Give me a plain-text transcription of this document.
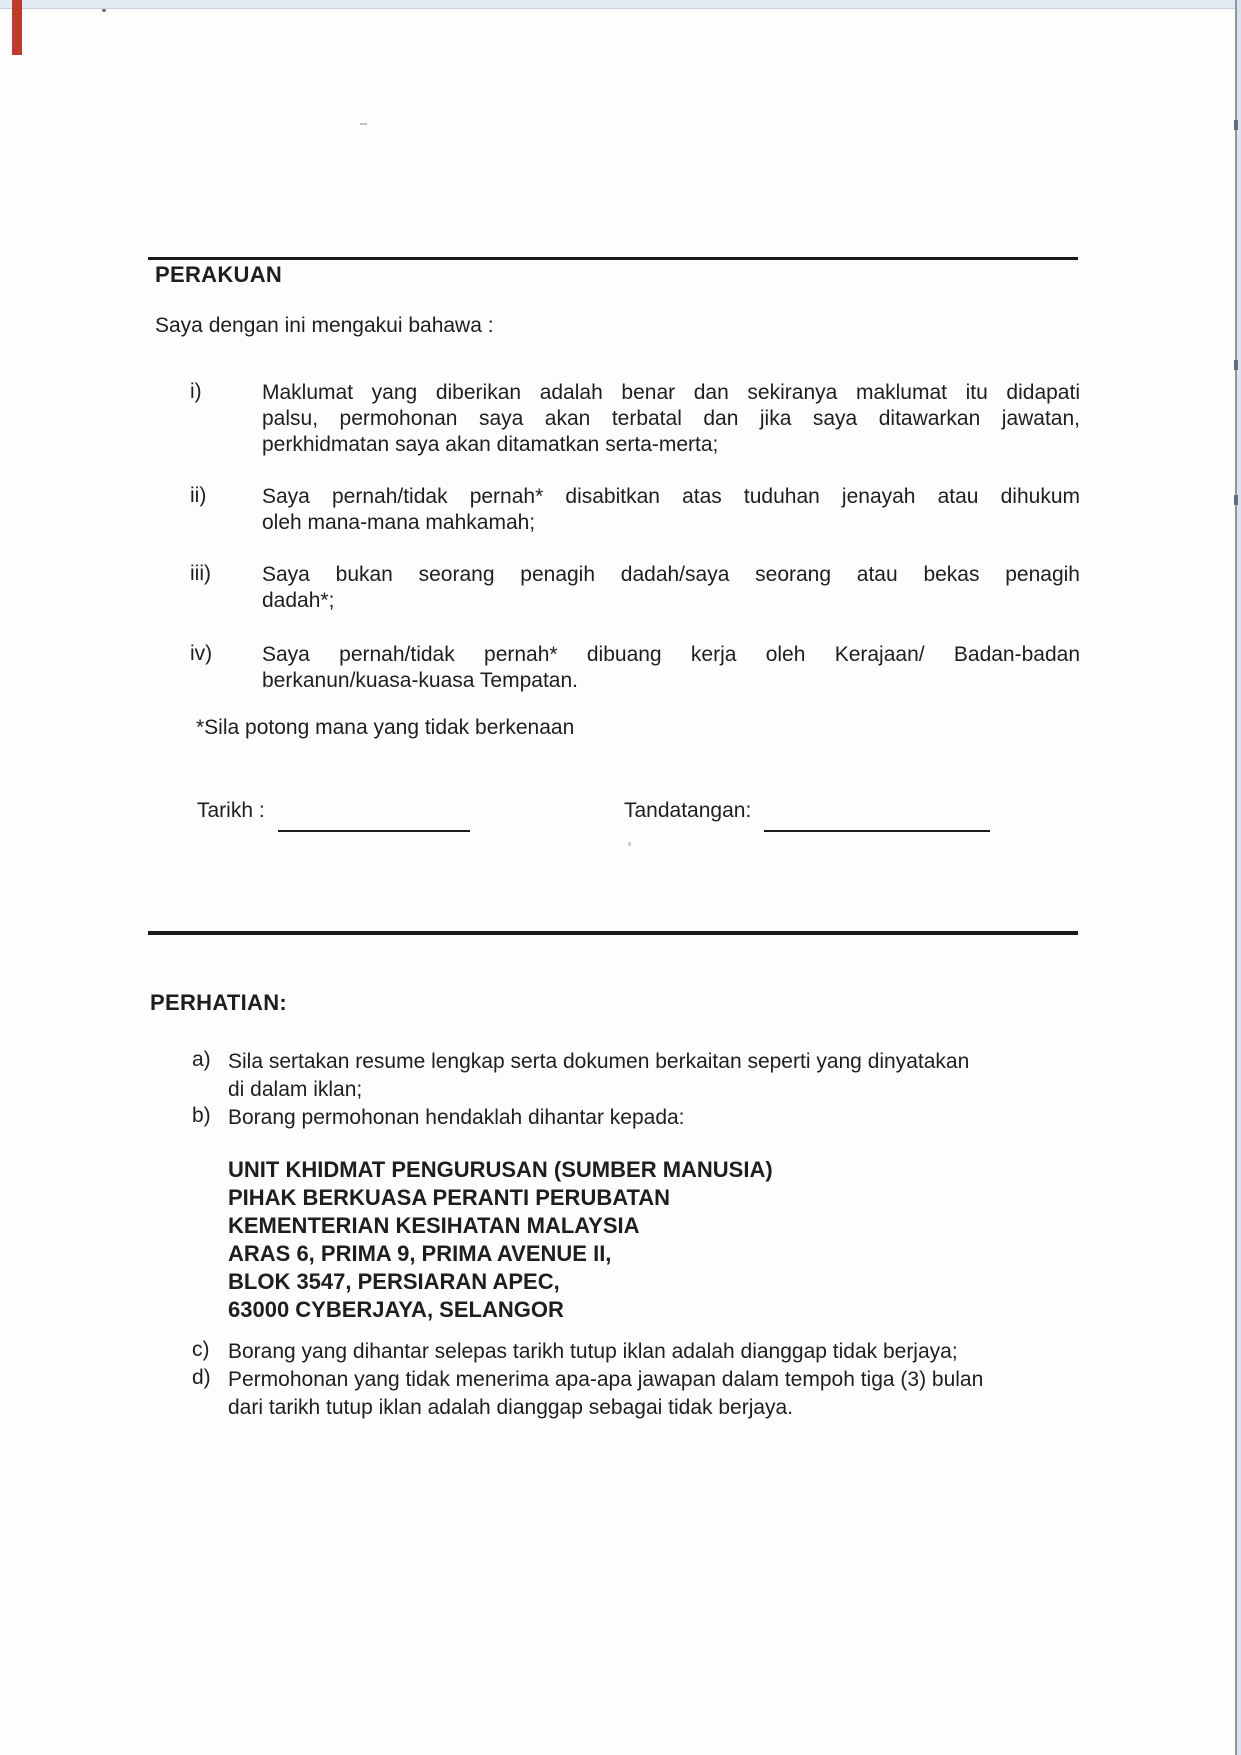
PERAKUAN
Saya dengan ini mengakui bahawa :
i)	Maklumat yang diberikan adalah benar dan sekiranya maklumat itu didapati
palsu, permohonan saya akan terbatal dan jika saya ditawarkan jawatan,
perkhidmatan saya akan ditamatkan serta-merta;
ii)	Saya pernah/tidak pernah* disabitkan atas tuduhan jenayah atau dihukum
oleh mana-mana mahkamah;
iii) Saya bukan seorang penagih dadah/saya seorang atau bekas penagih
dadah*;
iv) Saya pernah/tidak pernah* dibuang kerja oleh Kerajaan/ Badan-badan
berkanun/kuasa-kuasa Tempatan.
*Sila potong mana yang tidak berkenaan
Tarikh :	Tandatangan:
PERHATIAN:
a) Sila sertakan resume lengkap serta dokumen berkaitan seperti yang dinyatakan
di dalam iklan;
b) Borang permohonan hendaklah dihantar kepada:
UNIT KHIDMAT PENGURUSAN (SUMBER MANUSIA)
PIHAK BERKUASA PERANTI PERUBATAN
KEMENTERIAN KESIHATAN MALAYSIA
ARAS 6, PRIMA 9, PRIMA AVENUE II,
BLOK 3547, PERSIARAN APEC,
63000 CYBERJAYA, SELANGOR
c) Borang yang dihantar selepas tarikh tutup iklan adalah dianggap tidak berjaya;
d) Permohonan yang tidak menerima apa-apa jawapan dalam tempoh tiga (3) bulan
dari tarikh tutup iklan adalah dianggap sebagai tidak berjaya.
